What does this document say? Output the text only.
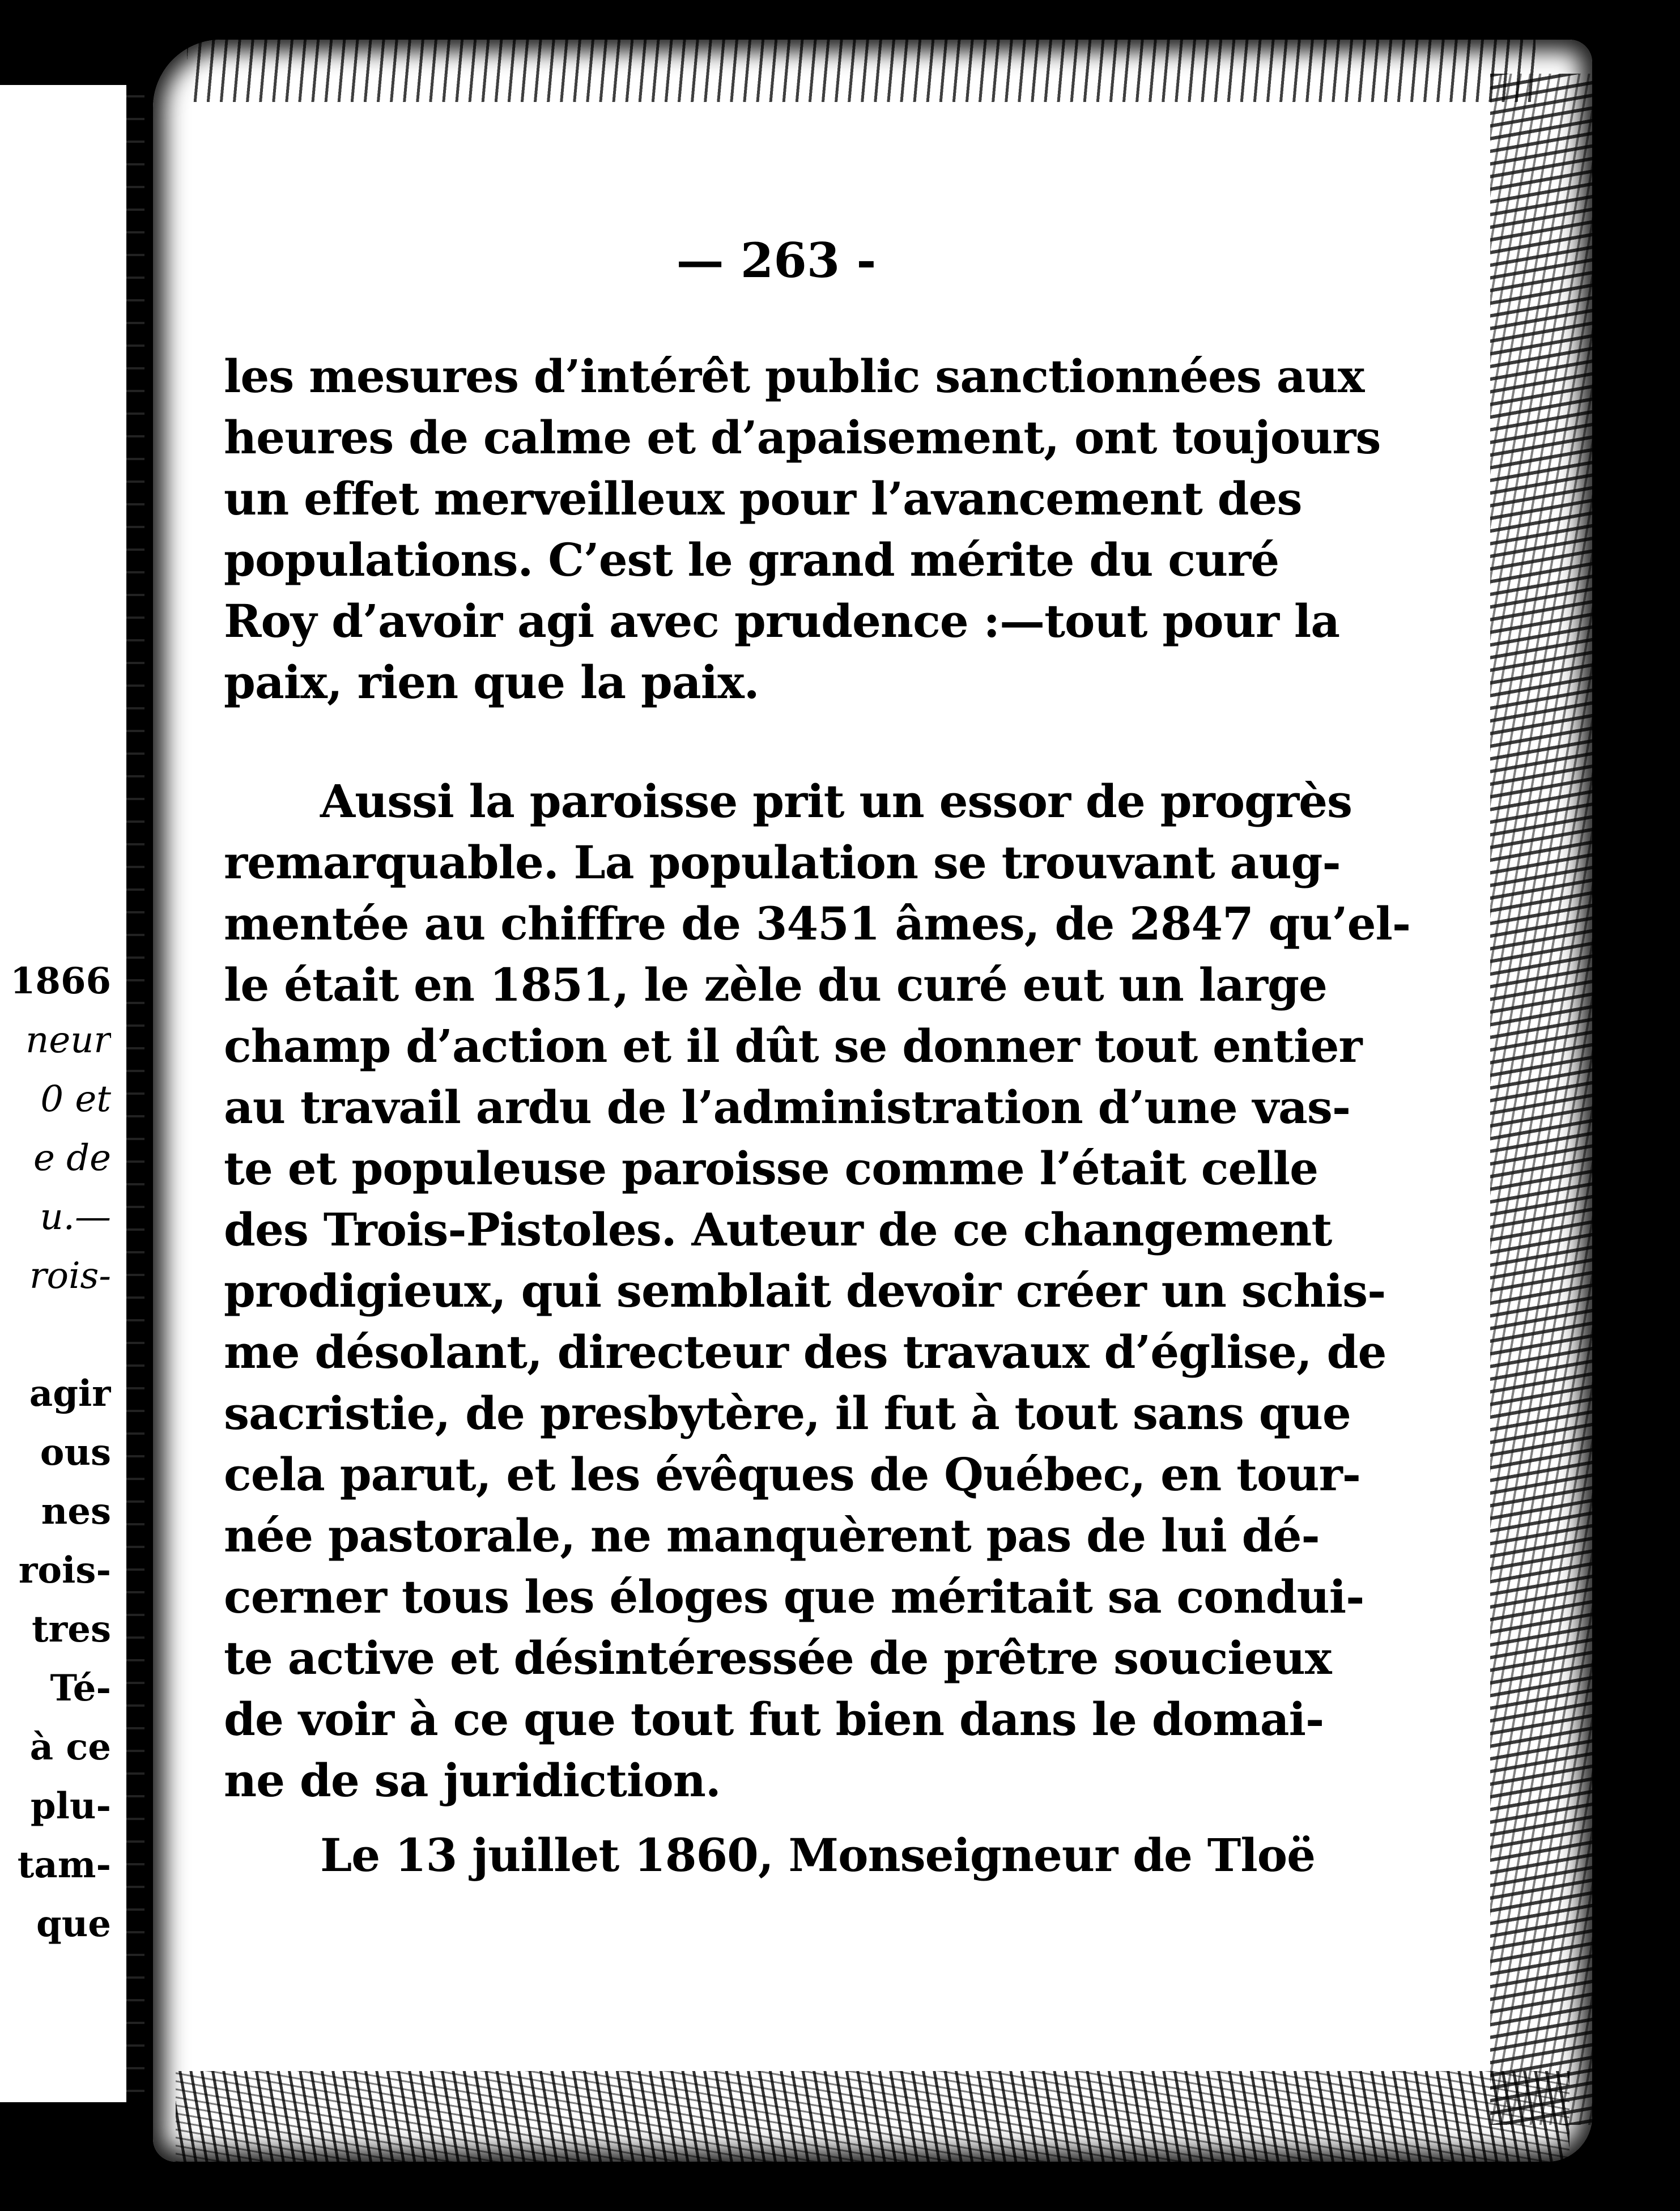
1866
neur
0 et
e de
u.—
rois-
agir
ous
nes
rois-
tres
Té-
à ce
plu-
tam-
que
— 263 -
les mesures d’intérêt public sanctionnées aux
heures de calme et d’apaisement, ont toujours
un effet merveilleux pour l’avancement des
populations. C’est le grand mérite du curé
Roy d’avoir agi avec prudence :—tout pour la
paix, rien que la paix.
Aussi la paroisse prit un essor de progrès
remarquable. La population se trouvant aug-
mentée au chiffre de 3451 âmes, de 2847 qu’el-
le était en 1851, le zèle du curé eut un large
champ d’action et il dût se donner tout entier
au travail ardu de l’administration d’une vas-
te et populeuse paroisse comme l’était celle
des Trois-Pistoles. Auteur de ce changement
prodigieux, qui semblait devoir créer un schis-
me désolant, directeur des travaux d’église, de
sacristie, de presbytère, il fut à tout sans que
cela parut, et les évêques de Québec, en tour-
née pastorale, ne manquèrent pas de lui dé-
cerner tous les éloges que méritait sa condui-
te active et désintéressée de prêtre soucieux
de voir à ce que tout fut bien dans le domai-
ne de sa juridiction.
Le 13 juillet 1860, Monseigneur de Tloë
